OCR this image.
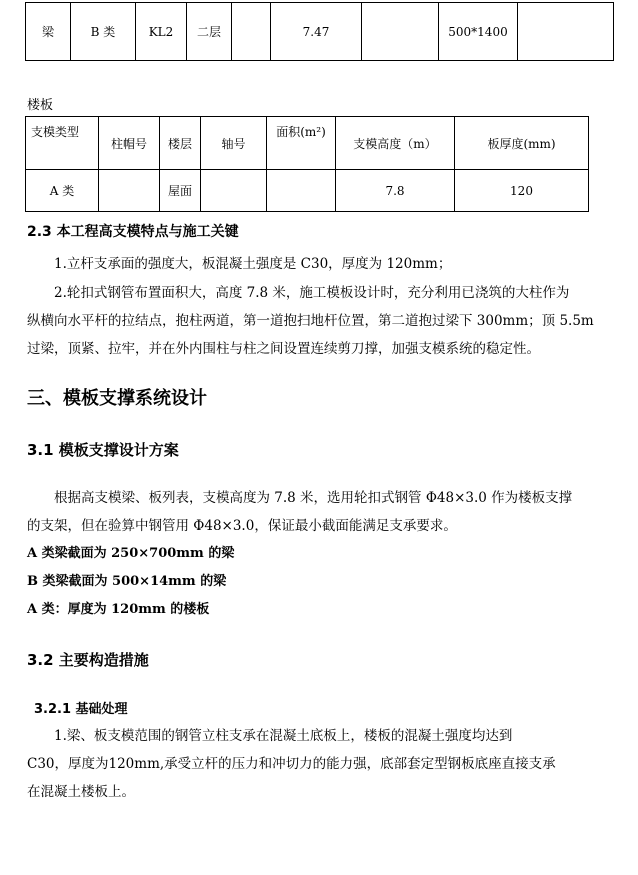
梁	B 类	KL2	二层		7.47		500*1400	
楼板
支模类型	柱帽号	楼层	轴号	面积(m²)	支模高度（m）	板厚度(mm)
A 类		屋面			7.8	120
2.3 本工程高支模特点与施工关键
1.立杆支承面的强度大，板混凝土强度是 C30，厚度为 120mm；
2.轮扣式钢管布置面积大，高度 7.8 米，施工模板设计时，充分利用已浇筑的大柱作为
纵横向水平杆的拉结点，抱柱两道，第一道抱扫地杆位置，第二道抱过梁下 300mm；顶 5.5m
过梁，顶紧、拉牢，并在外内围柱与柱之间设置连续剪刀撑，加强支模系统的稳定性。
三、模板支撑系统设计
3.1 模板支撑设计方案
根据高支模梁、板列表，支模高度为 7.8 米，选用轮扣式钢管 Φ48×3.0 作为楼板支撑
的支架，但在验算中钢管用 Φ48×3.0，保证最小截面能满足支承要求。
A 类梁截面为 250×700mm 的梁
B 类梁截面为 500×14mm 的梁
A 类：厚度为 120mm 的楼板
3.2 主要构造措施
3.2.1 基础处理
1.梁、板支模范围的钢管立柱支承在混凝土底板上，楼板的混凝土强度均达到
C30，厚度为120mm,承受立杆的压力和冲切力的能力强，底部套定型钢板底座直接支承
在混凝土楼板上。
